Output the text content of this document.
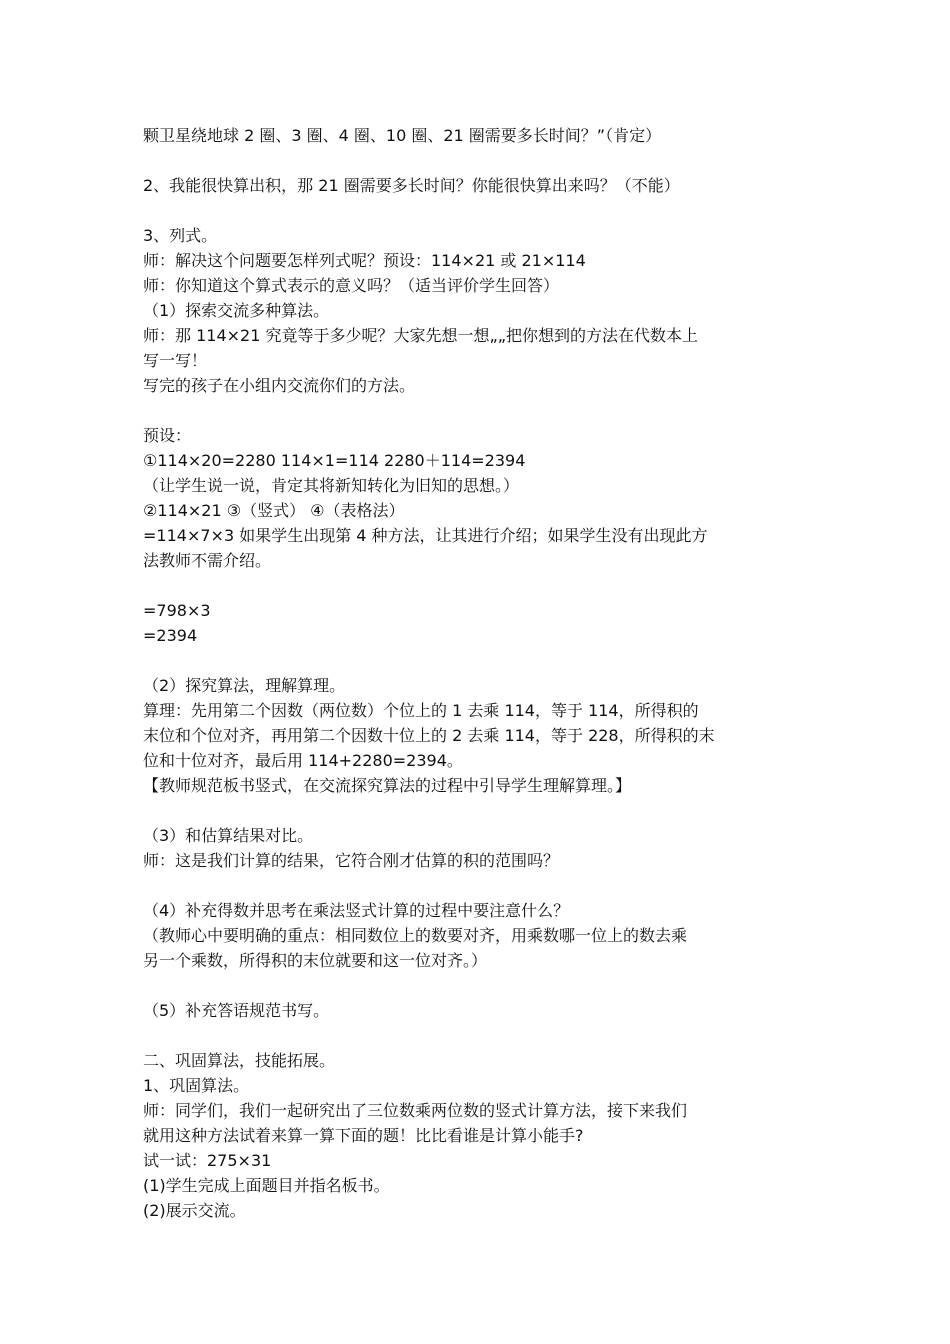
颗卫星绕地球 2 圈、3 圈、4 圈、10 圈、21 圈需要多长时间？”（肯定）
2、我能很快算出积，那 21 圈需要多长时间？你能很快算出来吗？（不能）
3、列式。
师：解决这个问题要怎样列式呢？预设：114×21 或 21×114
师：你知道这个算式表示的意义吗？（适当评价学生回答）
（1）探索交流多种算法。
师：那 114×21 究竟等于多少呢？大家先想一想„„把你想到的方法在代数本上
写一写！
写完的孩子在小组内交流你们的方法。
预设：
①114×20=2280 114×1=114 2280＋114=2394
（让学生说一说，肯定其将新知转化为旧知的思想。）
②114×21 ③（竖式） ④（表格法）
=114×7×3 如果学生出现第 4 种方法，让其进行介绍；如果学生没有出现此方
法教师不需介绍。
=798×3
=2394
（2）探究算法，理解算理。
算理：先用第二个因数（两位数）个位上的 1 去乘 114，等于 114，所得积的
末位和个位对齐，再用第二个因数十位上的 2 去乘 114，等于 228，所得积的末
位和十位对齐，最后用 114+2280=2394。
【教师规范板书竖式，在交流探究算法的过程中引导学生理解算理。】
（3）和估算结果对比。
师：这是我们计算的结果，它符合刚才估算的积的范围吗？
（4）补充得数并思考在乘法竖式计算的过程中要注意什么？
（教师心中要明确的重点：相同数位上的数要对齐，用乘数哪一位上的数去乘
另一个乘数，所得积的末位就要和这一位对齐。）
（5）补充答语规范书写。
二、巩固算法，技能拓展。
1、巩固算法。
师：同学们，我们一起研究出了三位数乘两位数的竖式计算方法，接下来我们
就用这种方法试着来算一算下面的题！比比看谁是计算小能手?
试一试：275×31
(1)学生完成上面题目并指名板书。
(2)展示交流。
